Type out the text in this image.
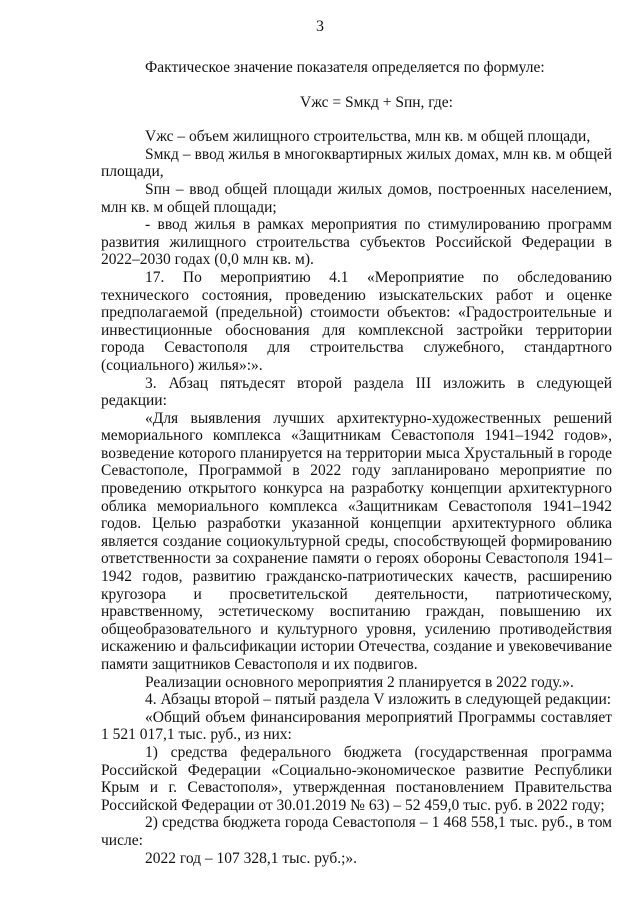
3

Фактическое значение показателя определяется по формуле:

Vжс = Sмкд + Sпн, где:

Vжс – объем жилищного строительства, млн кв. м общей площади,

Sмкд – ввод жилья в многоквартирных жилых домах, млн кв. м общей площади,

Sпн – ввод общей площади жилых домов, построенных населением, млн кв. м общей площади;

- ввод жилья в рамках мероприятия по стимулированию программ развития жилищного строительства субъектов Российской Федерации в 2022–2030 годах (0,0 млн кв. м).

17. По мероприятию 4.1 «Мероприятие по обследованию технического состояния, проведению изыскательских работ и оценке предполагаемой (предельной) стоимости объектов: «Градостроительные и инвестиционные обоснования для комплексной застройки территории города Севастополя для строительства служебного, стандартного (социального) жилья»:».

3. Абзац пятьдесят второй раздела III изложить в следующей редакции:

«Для выявления лучших архитектурно-художественных решений мемориального комплекса «Защитникам Севастополя 1941–1942 годов», возведение которого планируется на территории мыса Хрустальный в городе Севастополе, Программой в 2022 году запланировано мероприятие по проведению открытого конкурса на разработку концепции архитектурного облика мемориального комплекса «Защитникам Севастополя 1941–1942 годов. Целью разработки указанной концепции архитектурного облика является создание социокультурной среды, способствующей формированию ответственности за сохранение памяти о героях обороны Севастополя 1941–1942 годов, развитию гражданско-патриотических качеств, расширению кругозора и просветительской деятельности, патриотическому, нравственному, эстетическому воспитанию граждан, повышению их общеобразовательного и культурного уровня, усилению противодействия искажению и фальсификации истории Отечества, создание и увековечивание памяти защитников Севастополя и их подвигов.

Реализации основного мероприятия 2 планируется в 2022 году.».

4. Абзацы второй – пятый раздела V изложить в следующей редакции:

«Общий объем финансирования мероприятий Программы составляет 1 521 017,1 тыс. руб., из них:

1) средства федерального бюджета (государственная программа Российской Федерации «Социально-экономическое развитие Республики Крым и г. Севастополя», утвержденная постановлением Правительства Российской Федерации от 30.01.2019 № 63) – 52 459,0 тыс. руб. в 2022 году;

2) средства бюджета города Севастополя – 1 468 558,1 тыс. руб., в том числе:

2022 год – 107 328,1 тыс. руб.;».
